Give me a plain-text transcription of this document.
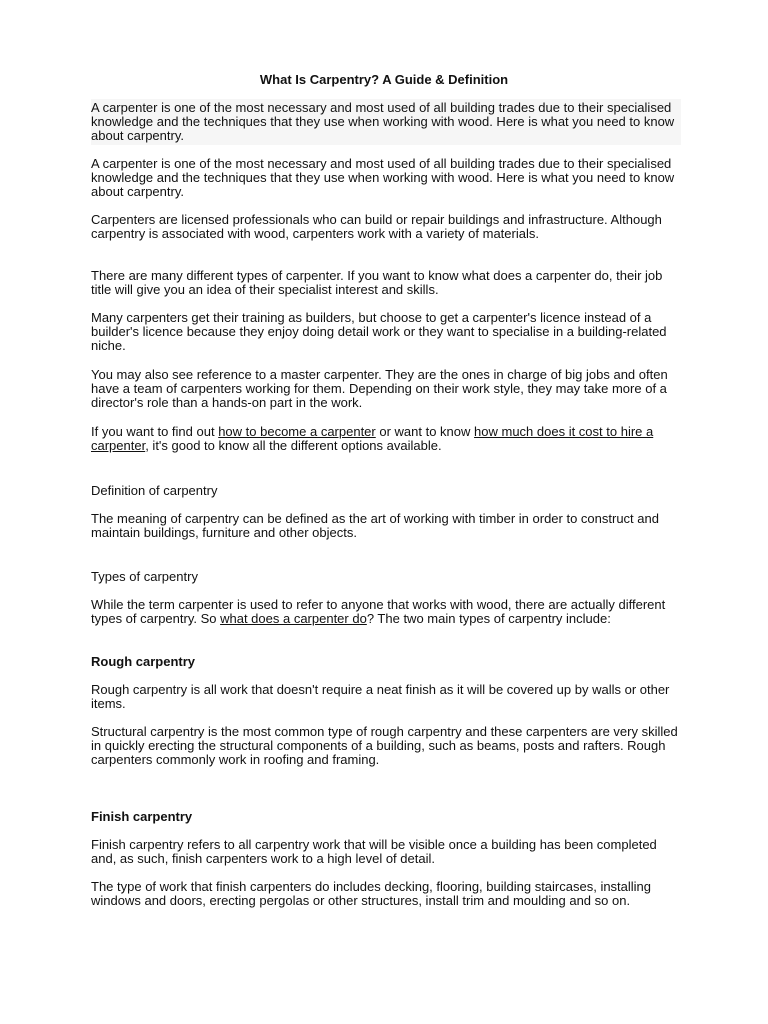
What Is Carpentry? A Guide & Definition

A carpenter is one of the most necessary and most used of all building trades due to their specialised knowledge and the techniques that they use when working with wood. Here is what you need to know about carpentry.

A carpenter is one of the most necessary and most used of all building trades due to their specialised knowledge and the techniques that they use when working with wood. Here is what you need to know about carpentry.

Carpenters are licensed professionals who can build or repair buildings and infrastructure. Although carpentry is associated with wood, carpenters work with a variety of materials.

There are many different types of carpenter. If you want to know what does a carpenter do, their job title will give you an idea of their specialist interest and skills.

Many carpenters get their training as builders, but choose to get a carpenter's licence instead of a builder's licence because they enjoy doing detail work or they want to specialise in a building-related niche.

You may also see reference to a master carpenter. They are the ones in charge of big jobs and often have a team of carpenters working for them. Depending on their work style, they may take more of a director's role than a hands-on part in the work.

If you want to find out how to become a carpenter or want to know how much does it cost to hire a carpenter, it's good to know all the different options available.

Definition of carpentry

The meaning of carpentry can be defined as the art of working with timber in order to construct and maintain buildings, furniture and other objects.

Types of carpentry

While the term carpenter is used to refer to anyone that works with wood, there are actually different types of carpentry. So what does a carpenter do? The two main types of carpentry include:

Rough carpentry

Rough carpentry is all work that doesn't require a neat finish as it will be covered up by walls or other items.

Structural carpentry is the most common type of rough carpentry and these carpenters are very skilled in quickly erecting the structural components of a building, such as beams, posts and rafters. Rough carpenters commonly work in roofing and framing.

Finish carpentry

Finish carpentry refers to all carpentry work that will be visible once a building has been completed and, as such, finish carpenters work to a high level of detail.

The type of work that finish carpenters do includes decking, flooring, building staircases, installing windows and doors, erecting pergolas or other structures, install trim and moulding and so on.
